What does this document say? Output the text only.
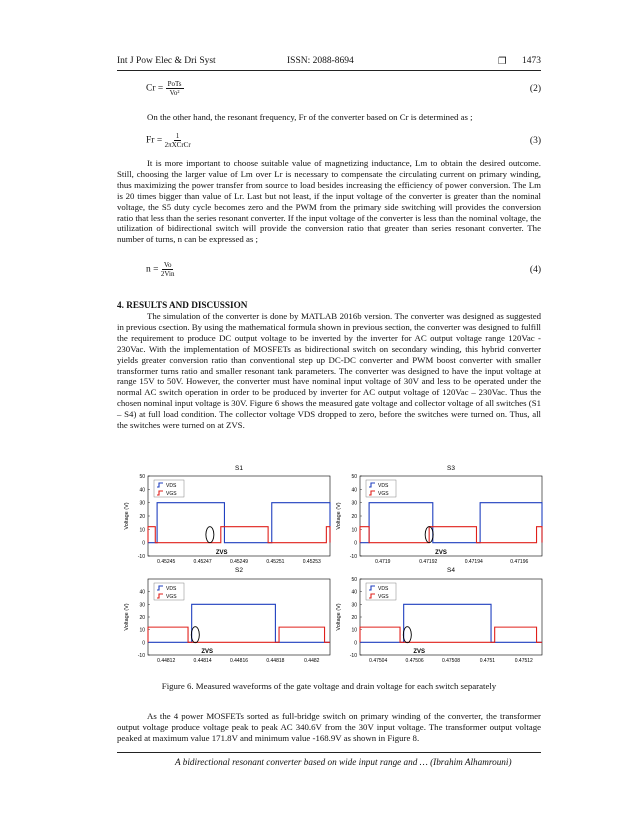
Int J Pow Elec & Dri Syst	ISSN: 2088-8694	❐ 1473
$Cr = \frac{\text{PoTs}}{\text{Vo²}}$	(2)
On the other hand, the resonant frequency, Fr of the converter based on Cr is determined as ;
$Fr = \frac{1}{\text{2πXCrCr}}$	(3)
It is more important to choose suitable value of magnetizing inductance, Lm to obtain the desired outcome. Still, choosing the larger value of Lm over Lr is necessary to compensate the circulating current on primary winding, thus maximizing the power transfer from source to load besides increasing the efficiency of power conversion. The Lm is 20 times bigger than value of Lr. Last but not least, if the input voltage of the converter is greater than the nominal voltage, the S5 duty cycle becomes zero and the PWM from the primary side switching will provides the conversion ratio that less than the series resonant converter. If the input voltage of the converter is less than the nominal voltage, the utilization of bidirectional switch will provide the conversion ratio that greater than series resonant converter. The number of turns, n can be expressed as ;
$n = \frac{Vo}{\text{2Vin}}$	(4)
4. RESULTS AND DISCUSSION
The simulation of the converter is done by MATLAB 2016b version. The converter was designed as suggested in previous csection. By using the mathematical formula shown in previous section, the converter was designed to fulfill the requirement to produce DC output voltage to be inverted by the inverter for AC output voltage range 120Vac - 230Vac. With the implementation of MOSFETs as bidirectional switch on secondary winding, this hybrid converter yields greater conversion ratio than conventional step up DC-DC converter and PWM boost converter with smaller transformer turns ratio and smaller resonant tank parameters. The converter was designed to have the input voltage at range 15V to 50V. However, the converter must have nominal input voltage of 30V and less to be operated under the normal AC switch operation in order to be produced by inverter for AC output voltage of 120Vac – 230Vac. Thus the chosen nominal input voltage is 30V. Figure 6 shows the measured gate voltage and collector voltage of all switches (S1 – S4) at full load condition. The collector voltage VDS dropped to zero, before the switches were turned on. Thus, all the switches were turned on at ZVS.
S1
50
40
30
20
10
0
-10
Voltage (V)
0.45245	0.45247	0.45249	0.45251	0.45253
VDS
VGS
ZVS
S3
50
40
30
20
10
0
-10
Voltage (V)
0.4719	0.47192	0.47194	0.47196
VDS
VGS
ZVS
S2
40
30
20
10
0
-10
Voltage (V)
0.44812	0.44814	0.44816	0.44818	0.4482
VDS
VGS
ZVS
S4
50
40
30
20
10
0
-10
Voltage (V)
0.47504	0.47506	0.47508	0.4751	0.47512
VDS
VGS
ZVS
Figure 6. Measured waveforms of the gate voltage and drain voltage for each switch separately
As the 4 power MOSFETs sorted as full-bridge switch on primary winding of the converter, the transformer output voltage produce voltage peak to peak AC 340.6V from the 30V input voltage. The transformer output voltage peaked at maximum value 171.8V and minimum value -168.9V as shown in Figure 8.
A bidirectional resonant converter based on wide input range and … (Ibrahim Alhamrouni)
